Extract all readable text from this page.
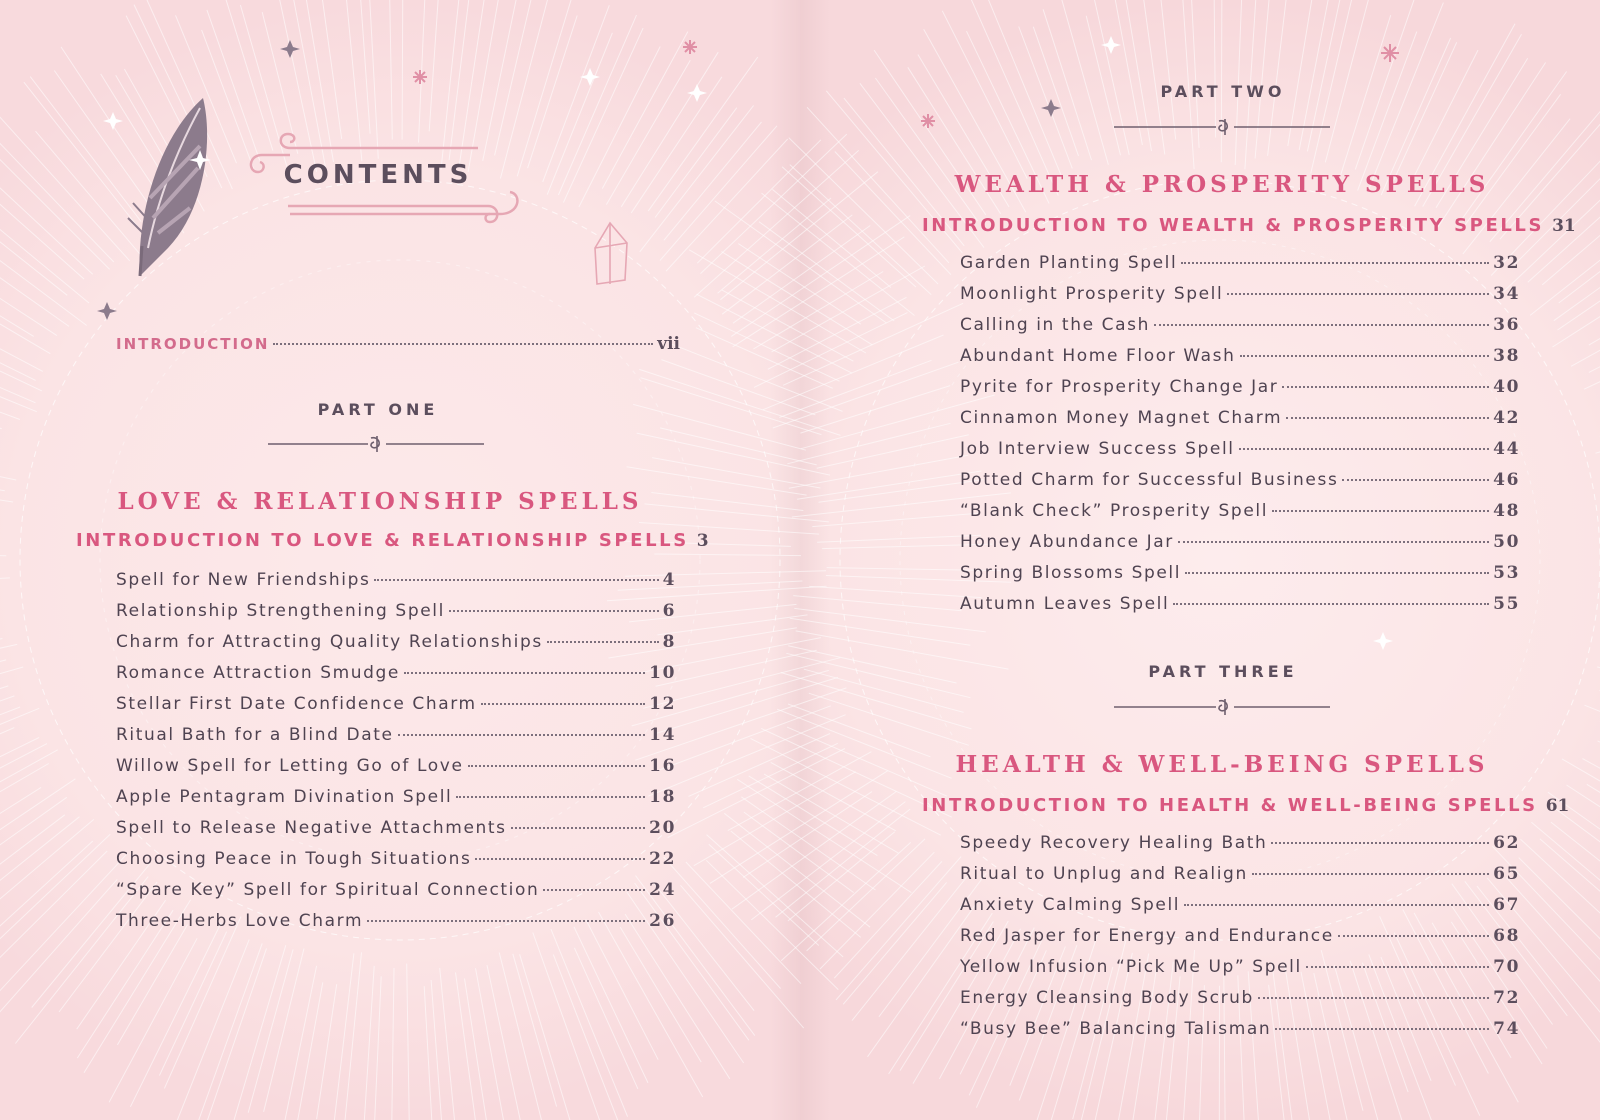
CONTENTS
INTRODUCTION	vii
PART ONE
LOVE & RELATIONSHIP SPELLS
INTRODUCTION TO LOVE & RELATIONSHIP SPELLS 3
Spell for New Friendships	4
Relationship Strengthening Spell	6
Charm for Attracting Quality Relationships	8
Romance Attraction Smudge	10
Stellar First Date Confidence Charm	12
Ritual Bath for a Blind Date	14
Willow Spell for Letting Go of Love	16
Apple Pentagram Divination Spell	18
Spell to Release Negative Attachments	20
Choosing Peace in Tough Situations	22
“Spare Key” Spell for Spiritual Connection	24
Three-Herbs Love Charm	26
PART TWO
WEALTH & PROSPERITY SPELLS
INTRODUCTION TO WEALTH & PROSPERITY SPELLS 31
Garden Planting Spell	32
Moonlight Prosperity Spell	34
Calling in the Cash	36
Abundant Home Floor Wash	38
Pyrite for Prosperity Change Jar	40
Cinnamon Money Magnet Charm	42
Job Interview Success Spell	44
Potted Charm for Successful Business	46
“Blank Check” Prosperity Spell	48
Honey Abundance Jar	50
Spring Blossoms Spell	53
Autumn Leaves Spell	55
PART THREE
HEALTH & WELL-BEING SPELLS
INTRODUCTION TO HEALTH & WELL-BEING SPELLS 61
Speedy Recovery Healing Bath	62
Ritual to Unplug and Realign	65
Anxiety Calming Spell	67
Red Jasper for Energy and Endurance	68
Yellow Infusion “Pick Me Up” Spell	70
Energy Cleansing Body Scrub	72
“Busy Bee” Balancing Talisman	74
